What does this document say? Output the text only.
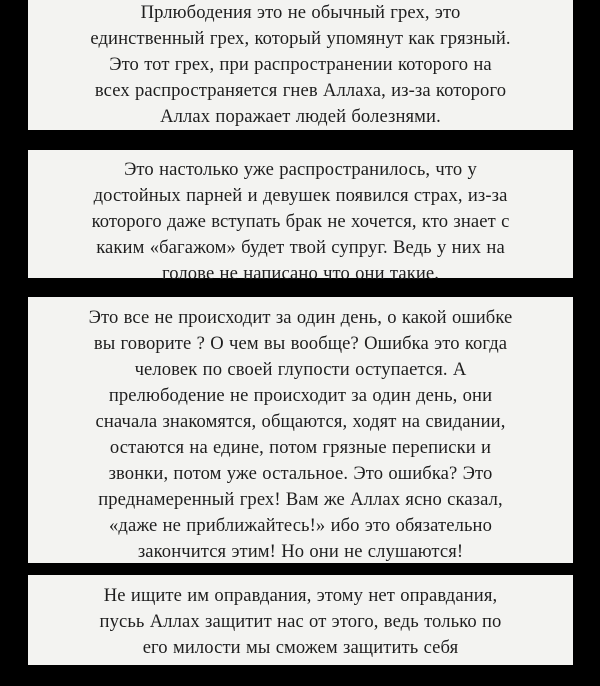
Прлюбодения это не обычный грех, это
единственный грех, который упомянут как грязный.
Это тот грех, при распространении которого на
всех распространяется гнев Аллаха, из-за которого
Аллах поражает людей болезнями.

Это настолько уже распространилось, что у
достойных парней и девушек появился страх, из-за
которого даже вступать брак не хочется, кто знает с
каким «багажом» будет твой супруг. Ведь у них на
голове не написано что они такие.

Это все не происходит за один день, о какой ошибке
вы говорите ? О чем вы вообще? Ошибка это когда
человек по своей глупости оступается. А
прелюбодение не происходит за один день, они
сначала знакомятся, общаются, ходят на свидании,
остаются на едине, потом грязные переписки и
звонки, потом уже остальное. Это ошибка? Это
преднамеренный грех! Вам же Аллах ясно сказал,
«даже не приближайтесь!» ибо это обязательно
закончится этим! Но они не слушаются!

Не ищите им оправдания, этому нет оправдания,
пусьь Аллах защитит нас от этого, ведь только по
его милости мы сможем защитить себя
